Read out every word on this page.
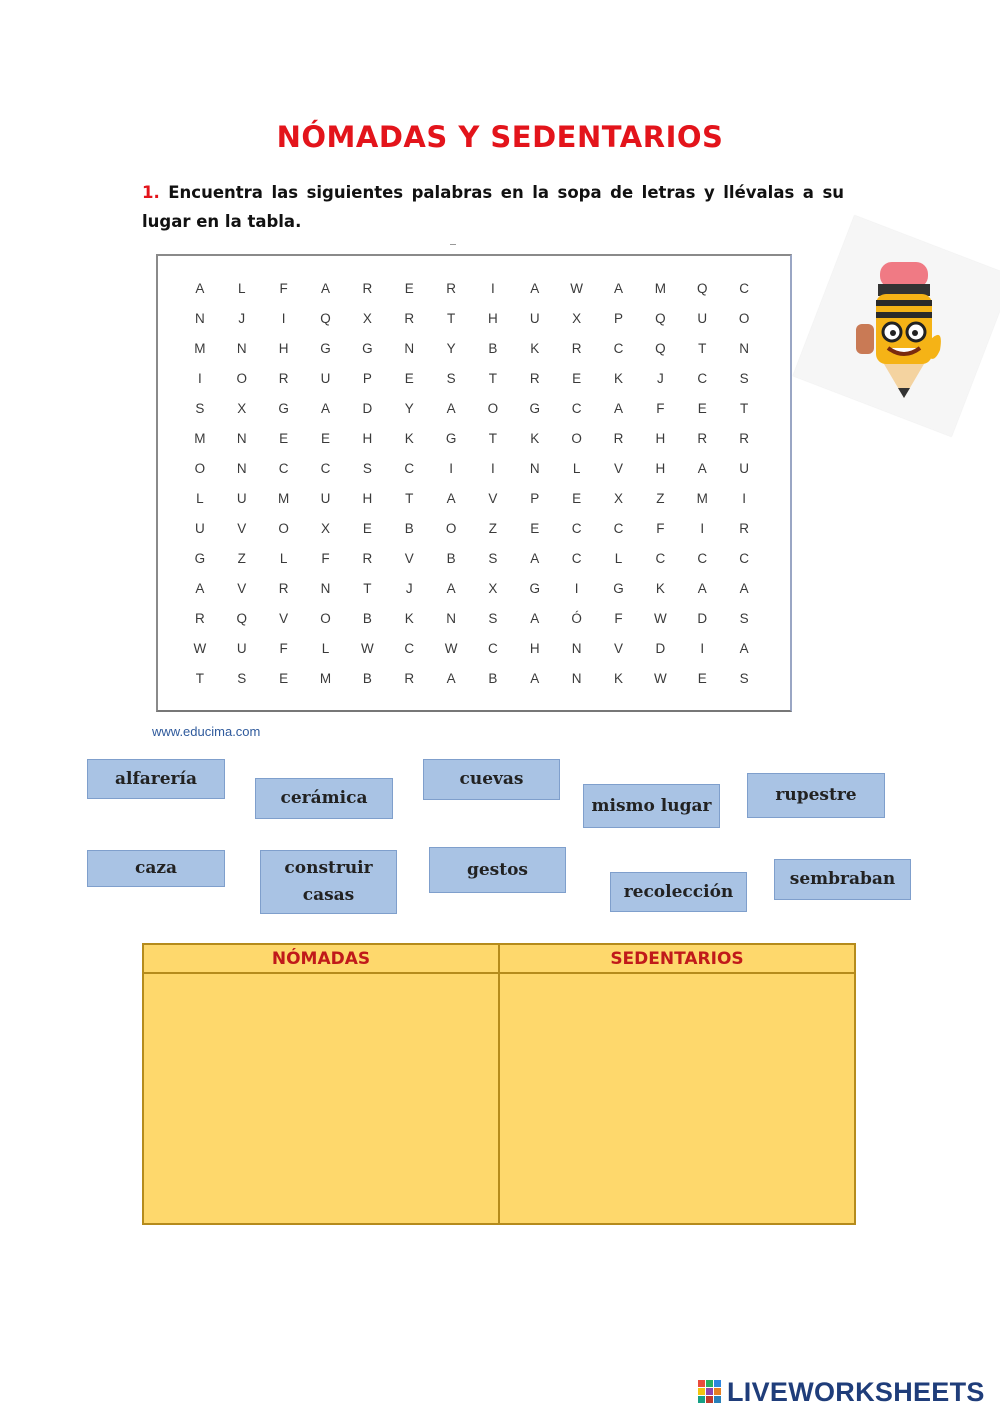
NÓMADAS Y SEDENTARIOS
1. Encuentra las siguientes palabras en la sopa de letras y llévalas a su lugar en la tabla.
A	L	F	A	R	E	R	I	A	W	A	M	Q	C
N	J	I	Q	X	R	T	H	U	X	P	Q	U	O
M	N	H	G	G	N	Y	B	K	R	C	Q	T	N
I	O	R	U	P	E	S	T	R	E	K	J	C	S
S	X	G	A	D	Y	A	O	G	C	A	F	E	T
M	N	E	E	H	K	G	T	K	O	R	H	R	R
O	N	C	C	S	C	I	I	N	L	V	H	A	U
L	U	M	U	H	T	A	V	P	E	X	Z	M	I
U	V	O	X	E	B	O	Z	E	C	C	F	I	R
G	Z	L	F	R	V	B	S	A	C	L	C	C	C
A	V	R	N	T	J	A	X	G	I	G	K	A	A
R	Q	V	O	B	K	N	S	A	Ó	F	W	D	S
W	U	F	L	W	C	W	C	H	N	V	D	I	A
T	S	E	M	B	R	A	B	A	N	K	W	E	S
www.educima.com
alfarería
cerámica
cuevas
mismo lugar
rupestre
caza	construir
casas
gestos
recolección
sembraban
NÓMADAS	SEDENTARIOS
LIVEWORKSHEETS
